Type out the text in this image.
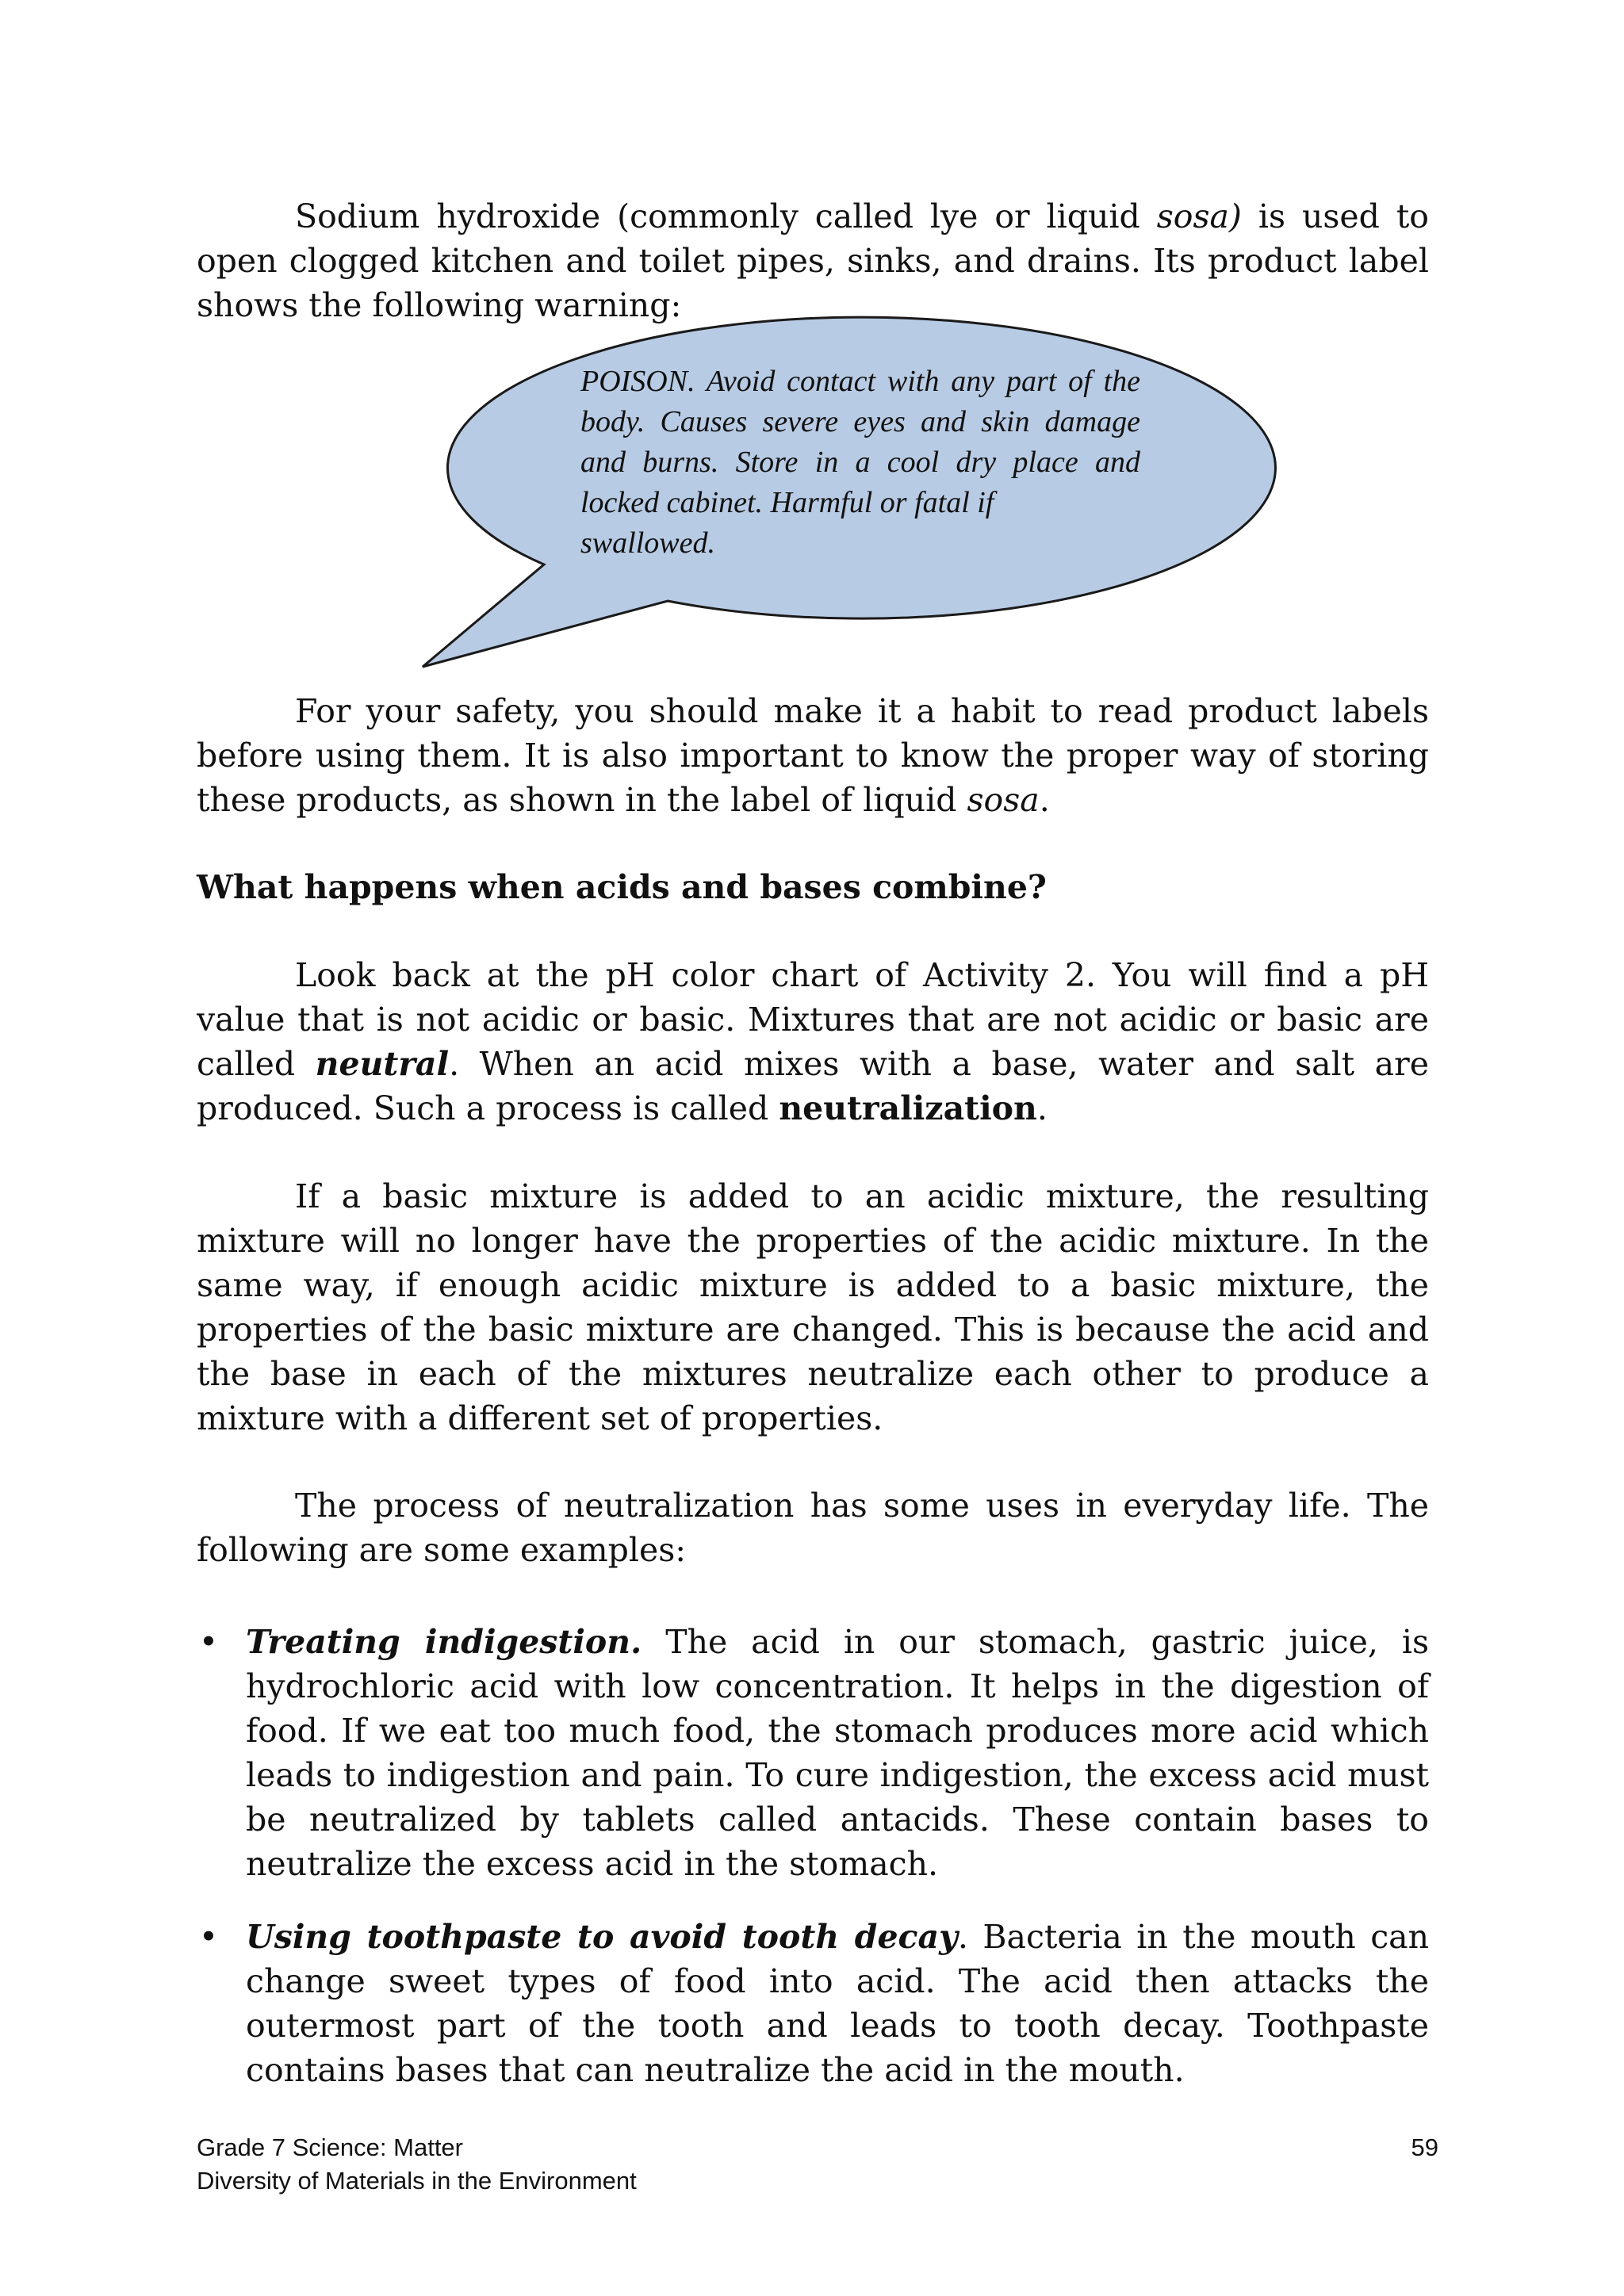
Sodium hydroxide (commonly called lye or liquid sosa) is used to open clogged kitchen and toilet pipes, sinks, and drains. Its product label shows the following warning:

POISON. Avoid contact with any part of the body. Causes severe eyes and skin damage and burns. Store in a cool dry place and locked cabinet. Harmful or fatal if
swallowed.

For your safety, you should make it a habit to read product labels before using them. It is also important to know the proper way of storing these products, as shown in the label of liquid sosa.

What happens when acids and bases combine?

Look back at the pH color chart of Activity 2. You will find a pH value that is not acidic or basic. Mixtures that are not acidic or basic are called neutral. When an acid mixes with a base, water and salt are produced. Such a process is called neutralization.

If a basic mixture is added to an acidic mixture, the resulting mixture will no longer have the properties of the acidic mixture. In the same way, if enough acidic mixture is added to a basic mixture, the properties of the basic mixture are changed. This is because the acid and the base in each of the mixtures neutralize each other to produce a mixture with a different set of properties.
The process of neutralization has some uses in everyday life. The following are some examples:
• Treating indigestion. The acid in our stomach, gastric juice, is hydrochloric acid with low concentration. It helps in the digestion of food. If we eat too much food, the stomach produces more acid which leads to indigestion and pain. To cure indigestion, the excess acid must be neutralized by tablets called antacids. These contain bases to neutralize the excess acid in the stomach.
• Using toothpaste to avoid tooth decay. Bacteria in the mouth can change sweet types of food into acid. The acid then attacks the outermost part of the tooth and leads to tooth decay. Toothpaste contains bases that can neutralize the acid in the mouth.
Grade 7 Science: Matter
Diversity of Materials in the Environment
59
